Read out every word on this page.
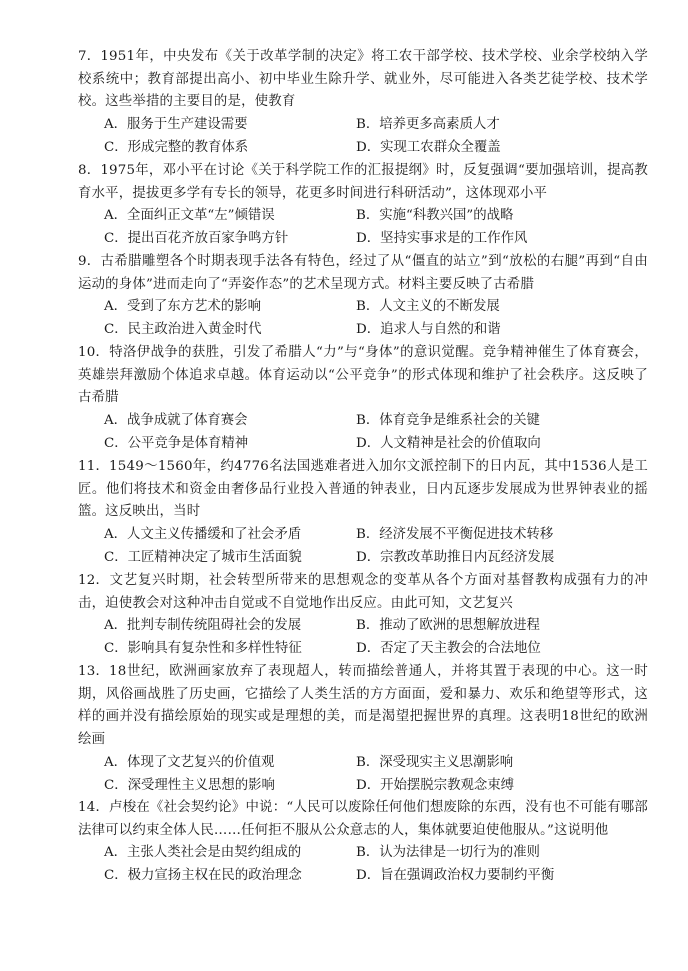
7．1951年，中央发布《关于改革学制的决定》将工农干部学校、技术学校、业余学校纳入学校系统中；教育部提出高小、初中毕业生除升学、就业外，尽可能进入各类艺徒学校、技术学校。这些举措的主要目的是，使教育

A．服务于生产建设需要	B．培养更多高素质人才
C．形成完整的教育体系	D．实现工农群众全覆盖

8．1975年，邓小平在讨论《关于科学院工作的汇报提纲》时，反复强调“要加强培训，提高教育水平，提拔更多学有专长的领导，花更多时间进行科研活动”，这体现邓小平

A．全面纠正文革“左”倾错误	B．实施“科教兴国”的战略
C．提出百花齐放百家争鸣方针	D．坚持实事求是的工作作风

9．古希腊雕塑各个时期表现手法各有特色，经过了从“僵直的站立”到“放松的右腿”再到“自由运动的身体”进而走向了“弄姿作态”的艺术呈现方式。材料主要反映了古希腊

A．受到了东方艺术的影响	B．人文主义的不断发展
C．民主政治进入黄金时代	D．追求人与自然的和谐

10．特洛伊战争的获胜，引发了希腊人“力”与“身体”的意识觉醒。竞争精神催生了体育赛会，英雄崇拜激励个体追求卓越。体育运动以“公平竞争”的形式体现和维护了社会秩序。这反映了古希腊

A．战争成就了体育赛会	B．体育竞争是维系社会的关键
C．公平竞争是体育精神	D．人文精神是社会的价值取向

11．1549～1560年，约4776名法国逃难者进入加尔文派控制下的日内瓦，其中1536人是工匠。他们将技术和资金由奢侈品行业投入普通的钟表业，日内瓦逐步发展成为世界钟表业的摇篮。这反映出，当时

A．人文主义传播缓和了社会矛盾	B．经济发展不平衡促进技术转移
C．工匠精神决定了城市生活面貌	D．宗教改革助推日内瓦经济发展

12．文艺复兴时期，社会转型所带来的思想观念的变革从各个方面对基督教构成强有力的冲击，迫使教会对这种冲击自觉或不自觉地作出反应。由此可知，文艺复兴

A．批判专制传统阻碍社会的发展	B．推动了欧洲的思想解放进程
C．影响具有复杂性和多样性特征	D．否定了天主教会的合法地位

13．18世纪，欧洲画家放弃了表现超人，转而描绘普通人，并将其置于表现的中心。这一时期，风俗画战胜了历史画，它描绘了人类生活的方方面面，爱和暴力、欢乐和绝望等形式，这样的画并没有描绘原始的现实或是理想的美，而是渴望把握世界的真理。这表明18世纪的欧洲绘画

A．体现了文艺复兴的价值观	B．深受现实主义思潮影响
C．深受理性主义思想的影响	D．开始摆脱宗教观念束缚

14．卢梭在《社会契约论》中说：“人民可以废除任何他们想废除的东西，没有也不可能有哪部法律可以约束全体人民……任何拒不服从公众意志的人，集体就要迫使他服从。”这说明他

A．主张人类社会是由契约组成的	B．认为法律是一切行为的准则
C．极力宣扬主权在民的政治理念	D．旨在强调政治权力要制约平衡
